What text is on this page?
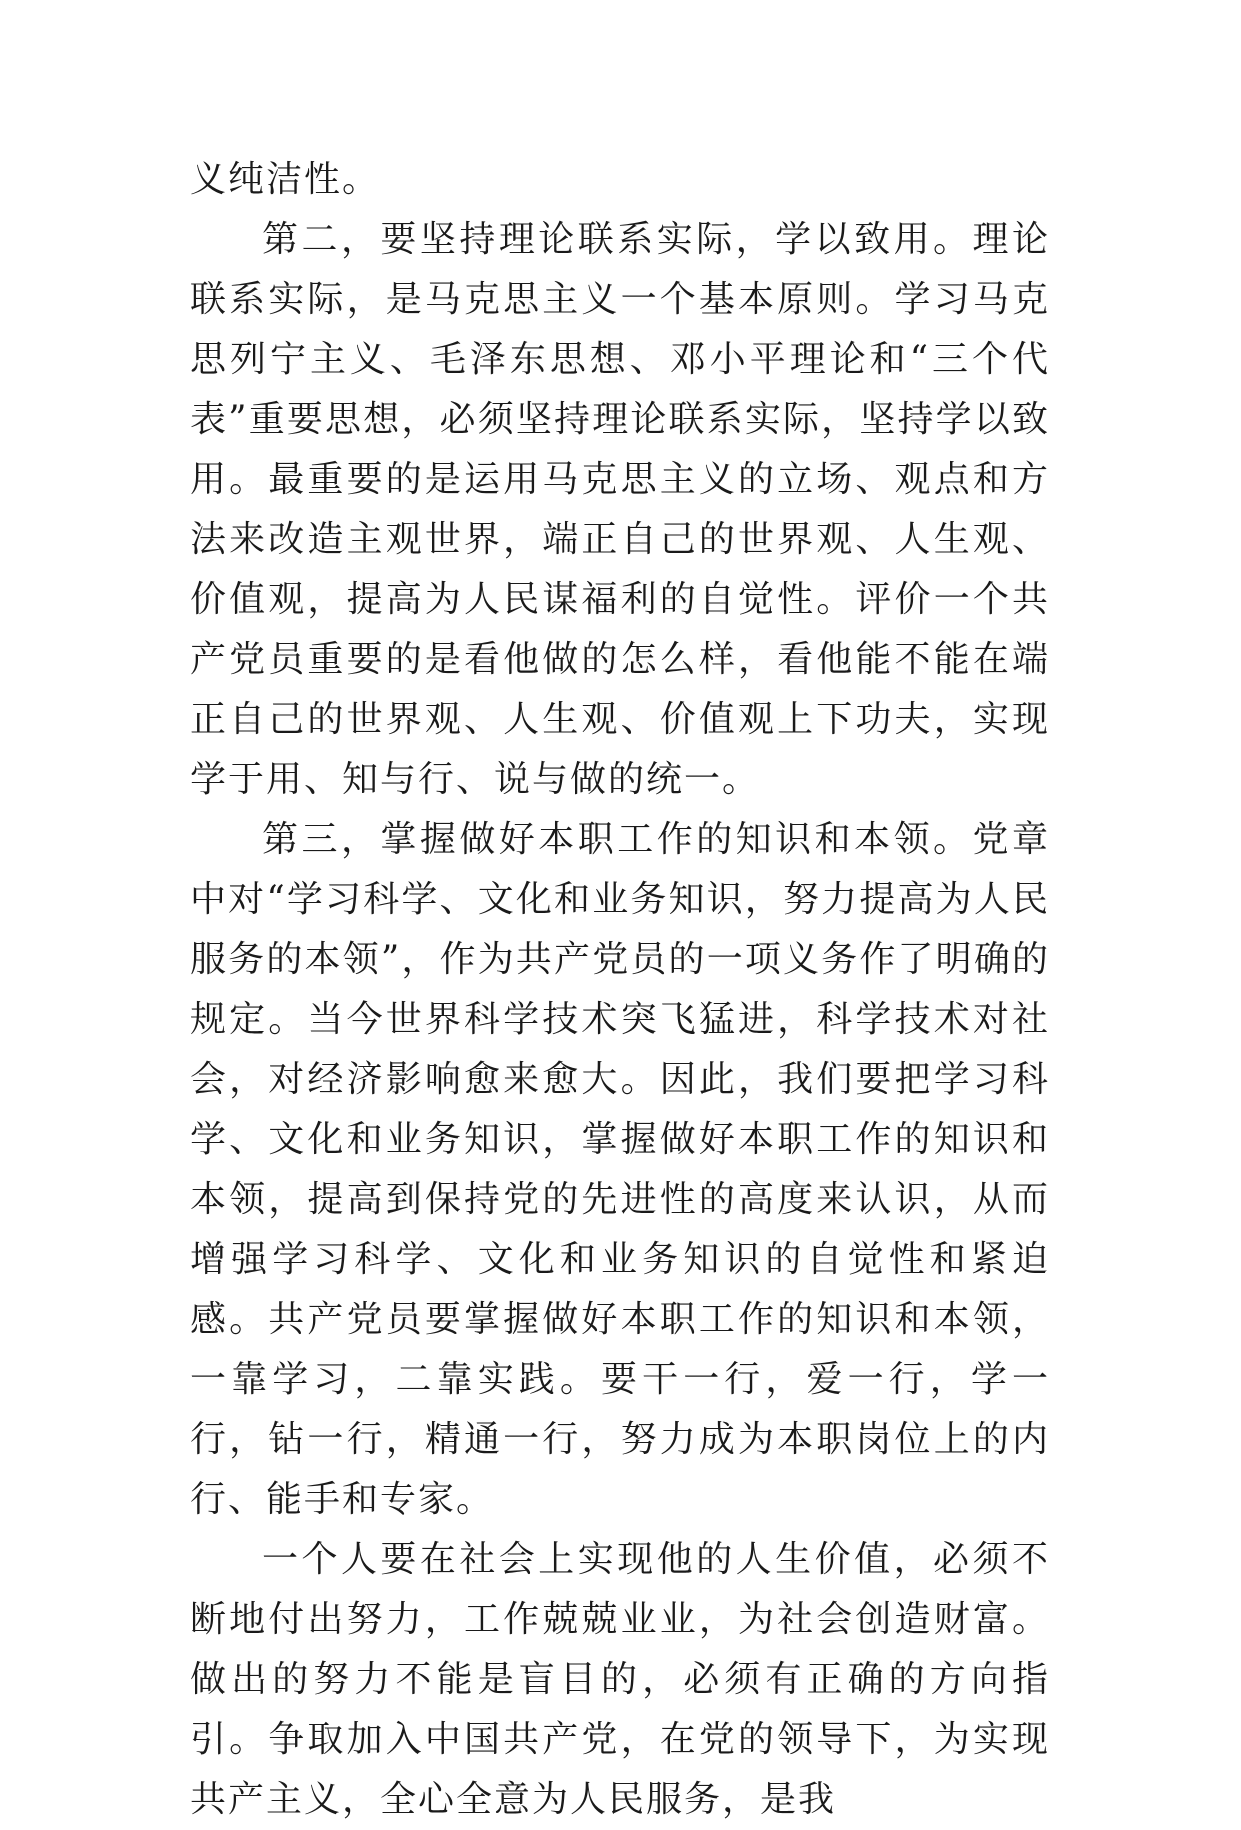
义纯洁性。

第二，要坚持理论联系实际，学以致用。理论联系实际，是马克思主义一个基本原则。学习马克思列宁主义、毛泽东思想、邓小平理论和“三个代表”重要思想，必须坚持理论联系实际，坚持学以致用。最重要的是运用马克思主义的立场、观点和方法来改造主观世界，端正自己的世界观、人生观、价值观，提高为人民谋福利的自觉性。评价一个共产党员重要的是看他做的怎么样，看他能不能在端正自己的世界观、人生观、价值观上下功夫，实现学于用、知与行、说与做的统一。

第三，掌握做好本职工作的知识和本领。党章中对“学习科学、文化和业务知识，努力提高为人民服务的本领”，作为共产党员的一项义务作了明确的规定。当今世界科学技术突飞猛进，科学技术对社会，对经济影响愈来愈大。因此，我们要把学习科学、文化和业务知识，掌握做好本职工作的知识和本领，提高到保持党的先进性的高度来认识，从而增强学习科学、文化和业务知识的自觉性和紧迫感。共产党员要掌握做好本职工作的知识和本领，一靠学习，二靠实践。要干一行，爱一行，学一行，钻一行，精通一行，努力成为本职岗位上的内行、能手和专家。

一个人要在社会上实现他的人生价值，必须不断地付出努力，工作兢兢业业，为社会创造财富。做出的努力不能是盲目的，必须有正确的方向指引。争取加入中国共产党，在党的领导下，为实现共产主义，全心全意为人民服务，是我
